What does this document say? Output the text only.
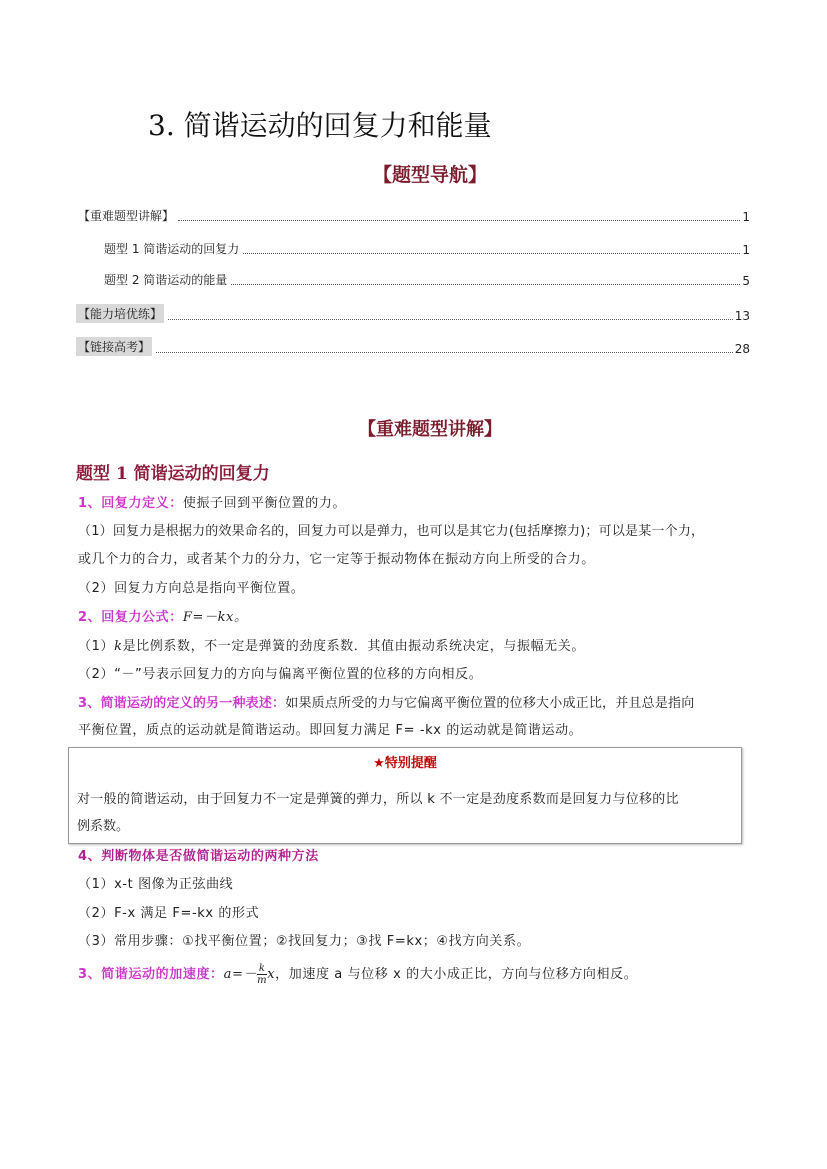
3. 简谐运动的回复力和能量
【题型导航】
【重难题型讲解】	1
题型 1 简谐运动的回复力	1
题型 2 简谐运动的能量	5
【能力培优练】	13
【链接高考】	28
【重难题型讲解】
题型 1 简谐运动的回复力
1、回复力定义：使振子回到平衡位置的力。
（1）回复力是根据力的效果命名的，回复力可以是弹力，也可以是其它力(包括摩擦力)；可以是某一个力，
或几个力的合力，或者某个力的分力，它一定等于振动物体在振动方向上所受的合力。
（2）回复力方向总是指向平衡位置。
2、回复力公式：F=－kx。
（1）k是比例系数，不一定是弹簧的劲度系数．其值由振动系统决定，与振幅无关。
（2）“－”号表示回复力的方向与偏离平衡位置的位移的方向相反。
3、简谐运动的定义的另一种表述：如果质点所受的力与它偏离平衡位置的位移大小成正比，并且总是指向
平衡位置，质点的运动就是简谐运动。即回复力满足 F= -kx 的运动就是简谐运动。
★特别提醒
对一般的简谐运动，由于回复力不一定是弹簧的弹力，所以 k 不一定是劲度系数而是回复力与位移的比
例系数。
4、判断物体是否做简谐运动的两种方法
（1）x-t 图像为正弦曲线
（2）F-x 满足 F=-kx 的形式
（3）常用步骤：①找平衡位置；②找回复力；③找 F=kx；④找方向关系。
3、简谐运动的加速度：$a=- \frac{k}{m}$ x，加速度 a 与位移 x 的大小成正比，方向与位移方向相反。
